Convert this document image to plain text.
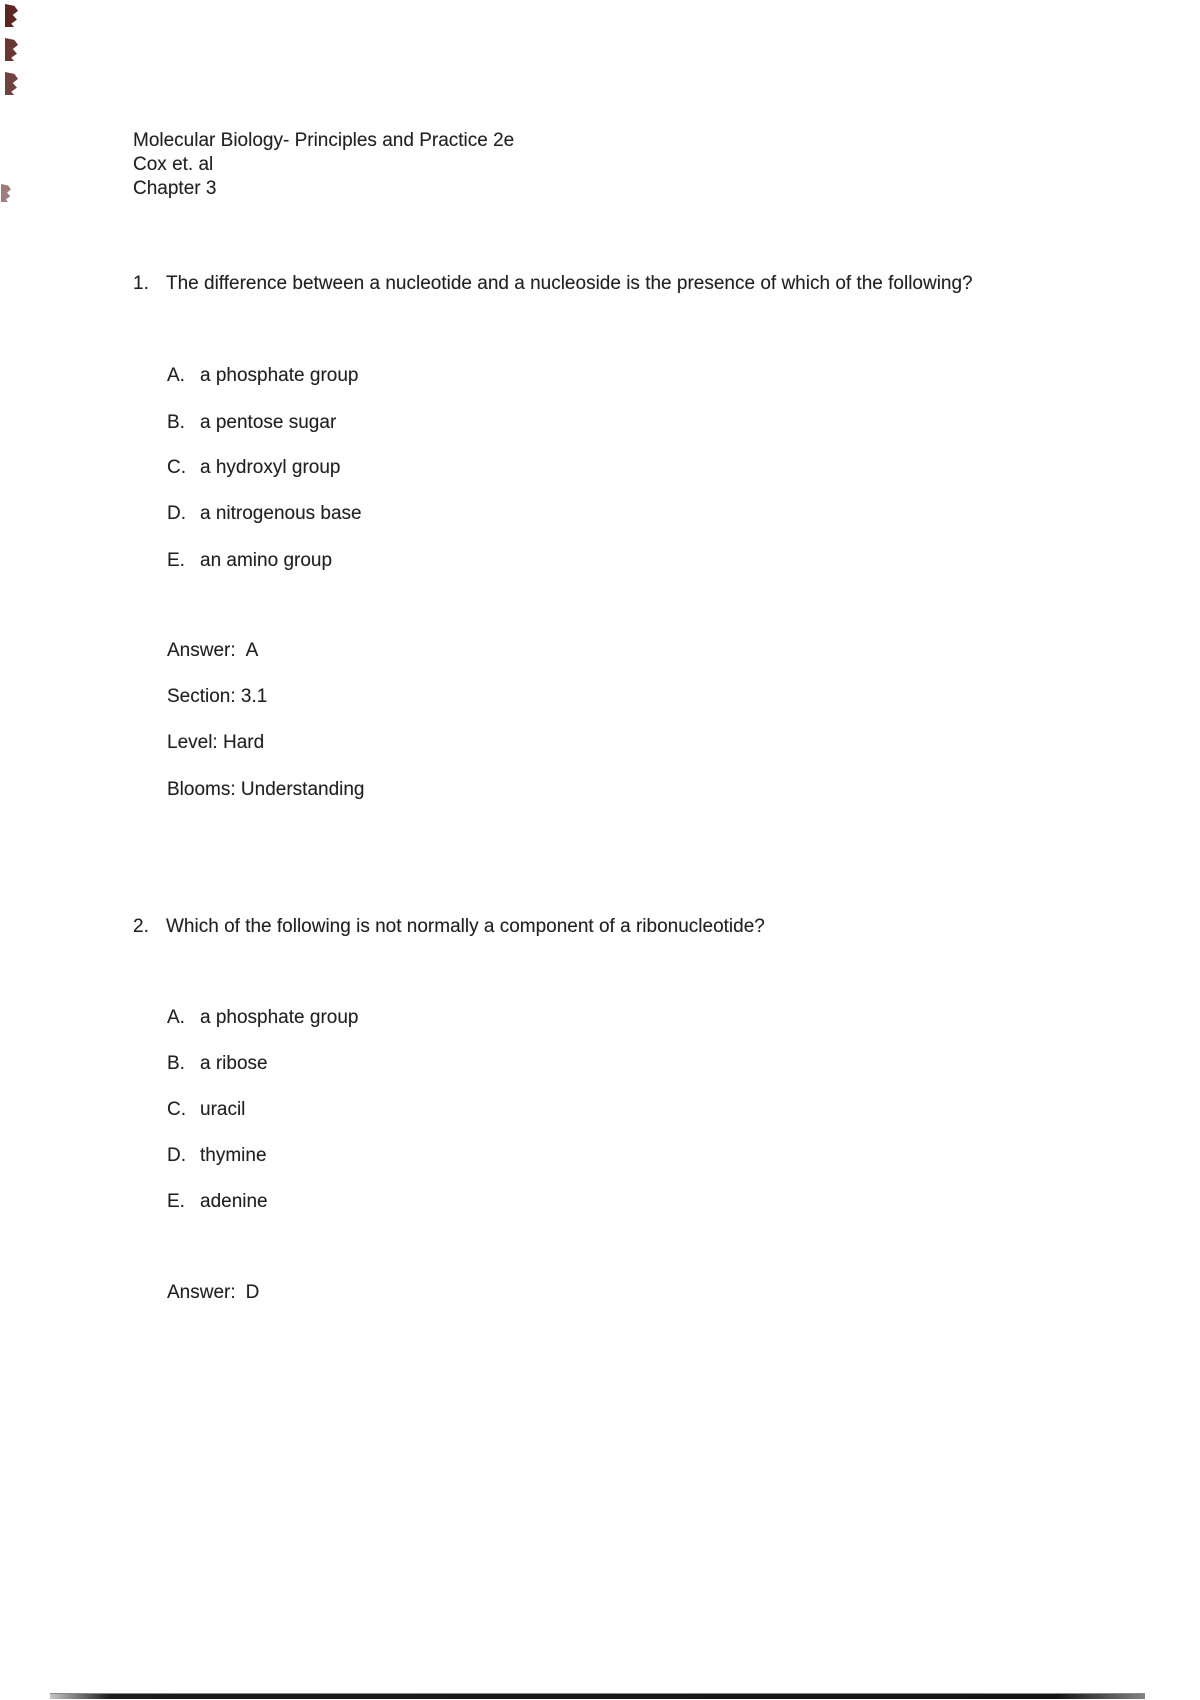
Molecular Biology- Principles and Practice 2e
Cox et. al
Chapter 3
1. The difference between a nucleotide and a nucleoside is the presence of which of the following?
A. a phosphate group
B. a pentose sugar
C. a hydroxyl group
D. a nitrogenous base
E. an amino group
Answer: A
Section: 3.1
Level: Hard
Blooms: Understanding
2. Which of the following is not normally a component of a ribonucleotide?
A. a phosphate group
B. a ribose
C. uracil
D. thymine
E. adenine
Answer: D
